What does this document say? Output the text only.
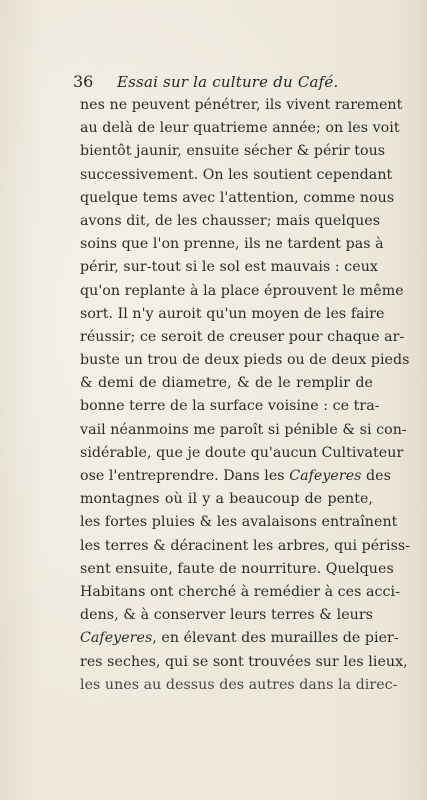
36 Essai sur la culture du Café.
nes ne peuvent pénétrer, ils vivent rarement
au delà de leur quatrieme année; on les voit
bientôt jaunir, ensuite sécher & périr tous
successivement. On les soutient cependant
quelque tems avec l'attention, comme nous
avons dit, de les chausser; mais quelques
soins que l'on prenne, ils ne tardent pas à
périr, sur-tout si le sol est mauvais : ceux
qu'on replante à la place éprouvent le même
sort. Il n'y auroit qu'un moyen de les faire
réussir; ce seroit de creuser pour chaque ar-
buste un trou de deux pieds ou de deux pieds
& demi de diametre, & de le remplir de
bonne terre de la surface voisine : ce tra-
vail néanmoins me paroît si pénible & si con-
sidérable, que je doute qu'aucun Cultivateur
ose l'entreprendre. Dans les Cafeyeres des
montagnes où il y a beaucoup de pente,
les fortes pluies & les avalaisons entraînent
les terres & déracinent les arbres, qui périss-
sent ensuite, faute de nourriture. Quelques
Habitans ont cherché à remédier à ces acci-
dens, & à conserver leurs terres & leurs
Cafeyeres, en élevant des murailles de pier-
res seches, qui se sont trouvées sur les lieux,
les unes au dessus des autres dans la direc-
